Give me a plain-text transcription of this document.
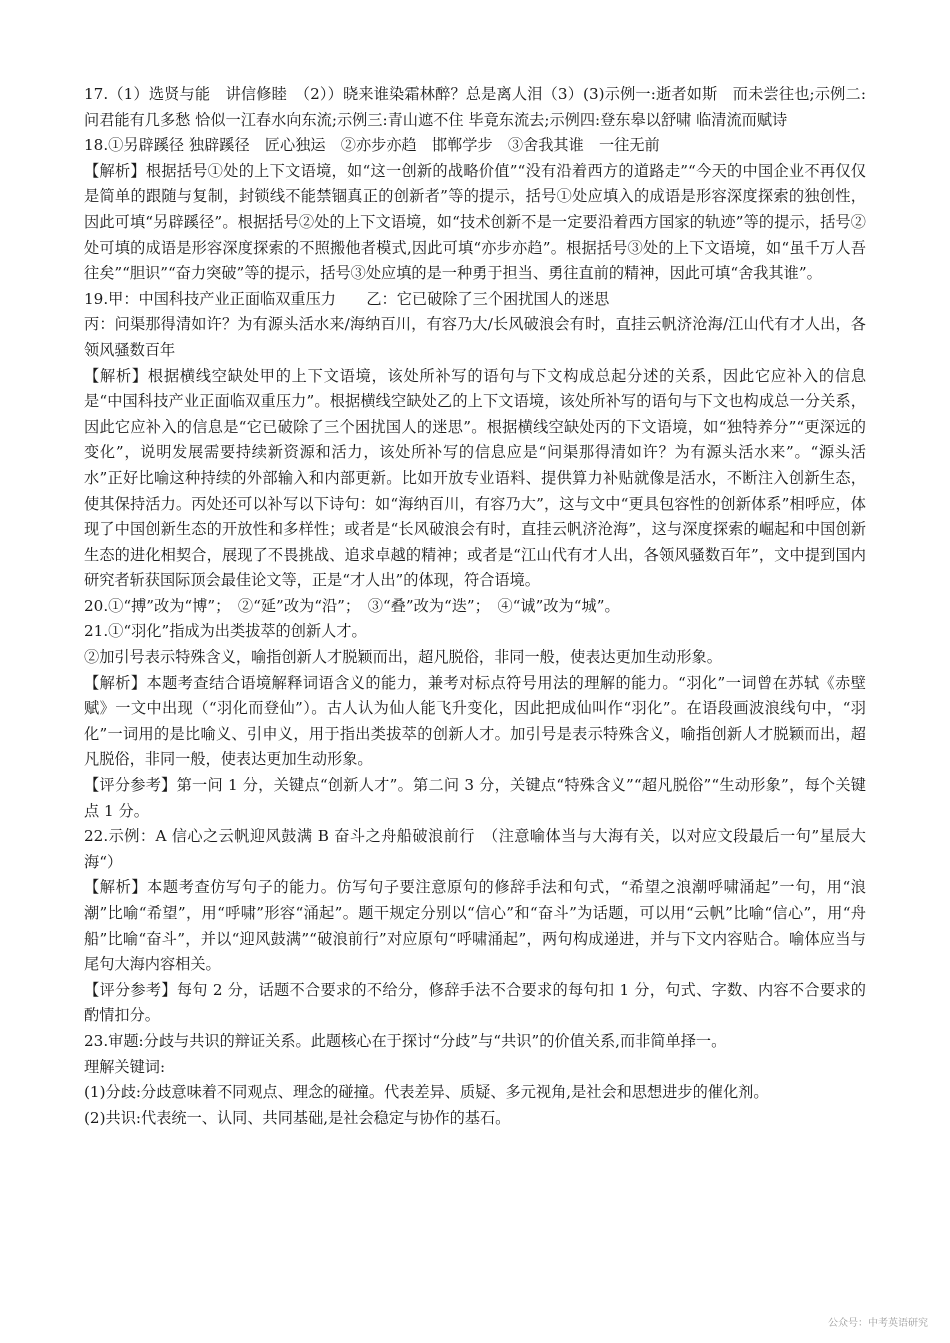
17.（1）选贤与能　讲信修睦　（2））晓来谁染霜林醉？总是离人泪（3）(3)示例一:逝者如斯　而未尝往也;示例二:问君能有几多愁 恰似一江春水向东流;示例三:青山遮不住 毕竟东流去;示例四:登东皋以舒啸 临清流而赋诗

18.①另辟蹊径 独辟蹊径　匠心独运　②亦步亦趋　邯郸学步　③舍我其谁　一往无前

【解析】根据括号①处的上下文语境，如“这一创新的战略价值”“没有沿着西方的道路走”“今天的中国企业不再仅仅是简单的跟随与复制，封锁线不能禁锢真正的创新者”等的提示，括号①处应填入的成语是形容深度探索的独创性，因此可填“另辟蹊径”。根据括号②处的上下文语境，如“技术创新不是一定要沿着西方国家的轨迹”等的提示，括号②处可填的成语是形容深度探索的不照搬他者模式,因此可填“亦步亦趋”。根据括号③处的上下文语境，如“虽千万人吾往矣”“胆识”“奋力突破”等的提示，括号③处应填的是一种勇于担当、勇往直前的精神，因此可填“舍我其谁”。

19.甲：中国科技产业正面临双重压力　　乙：它已破除了三个困扰国人的迷思

丙：问渠那得清如许？为有源头活水来/海纳百川，有容乃大/长风破浪会有时，直挂云帆济沧海/江山代有才人出，各领风骚数百年

【解析】根据横线空缺处甲的上下文语境，该处所补写的语句与下文构成总起分述的关系，因此它应补入的信息是“中国科技产业正面临双重压力”。根据横线空缺处乙的上下文语境，该处所补写的语句与下文也构成总一分关系，因此它应补入的信息是“它已破除了三个困扰国人的迷思”。根据横线空缺处丙的下文语境，如“独特养分”“更深远的变化”，说明发展需要持续新资源和活力，该处所补写的信息应是“问渠那得清如许？为有源头活水来”。“源头活水”正好比喻这种持续的外部输入和内部更新。比如开放专业语料、提供算力补贴就像是活水，不断注入创新生态，使其保持活力。丙处还可以补写以下诗句：如“海纳百川，有容乃大”，这与文中“更具包容性的创新体系”相呼应，体现了中国创新生态的开放性和多样性；或者是“长风破浪会有时，直挂云帆济沧海”，这与深度探索的崛起和中国创新生态的进化相契合，展现了不畏挑战、追求卓越的精神；或者是“江山代有才人出，各领风骚数百年”，文中提到国内研究者斩获国际顶会最佳论文等，正是“才人出”的体现，符合语境。

20.①“搏”改为“博”；　②“延”改为“沿”；　③“叠”改为“迭”；　④“诚”改为“城”。

21.①“羽化”指成为出类拔萃的创新人才。

②加引号表示特殊含义，喻指创新人才脱颖而出，超凡脱俗，非同一般，使表达更加生动形象。

【解析】本题考查结合语境解释词语含义的能力，兼考对标点符号用法的理解的能力。“羽化”一词曾在苏轼《赤壁赋》一文中出现（“羽化而登仙”）。古人认为仙人能飞升变化，因此把成仙叫作“羽化”。在语段画波浪线句中，“羽化”一词用的是比喻义、引申义，用于指出类拔萃的创新人才。加引号是表示特殊含义，喻指创新人才脱颖而出，超凡脱俗，非同一般，使表达更加生动形象。

【评分参考】第一问 1 分，关键点“创新人才”。第二问 3 分，关键点“特殊含义”“超凡脱俗”“生动形象”，每个关键点 1 分。

22.示例：A 信心之云帆迎风鼓满 B 奋斗之舟船破浪前行　（注意喻体当与大海有关，以对应文段最后一句”星辰大海“）

【解析】本题考查仿写句子的能力。仿写句子要注意原句的修辞手法和句式，“希望之浪潮呼啸涌起”一句，用“浪潮”比喻“希望”，用“呼啸”形容“涌起”。题干规定分别以“信心”和“奋斗”为话题，可以用“云帆”比喻“信心”，用“舟船”比喻“奋斗”，并以“迎风鼓满”“破浪前行”对应原句“呼啸涌起”，两句构成递进，并与下文内容贴合。喻体应当与尾句大海内容相关。

【评分参考】每句 2 分，话题不合要求的不给分，修辞手法不合要求的每句扣 1 分，句式、字数、内容不合要求的酌情扣分。

23.审题:分歧与共识的辩证关系。此题核心在于探讨“分歧”与“共识”的价值关系,而非简单择一。

理解关键词:

(1)分歧:分歧意味着不同观点、理念的碰撞。代表差异、质疑、多元视角,是社会和思想进步的催化剂。

(2)共识:代表统一、认同、共同基础,是社会稳定与协作的基石。

公众号：中考英语研究
